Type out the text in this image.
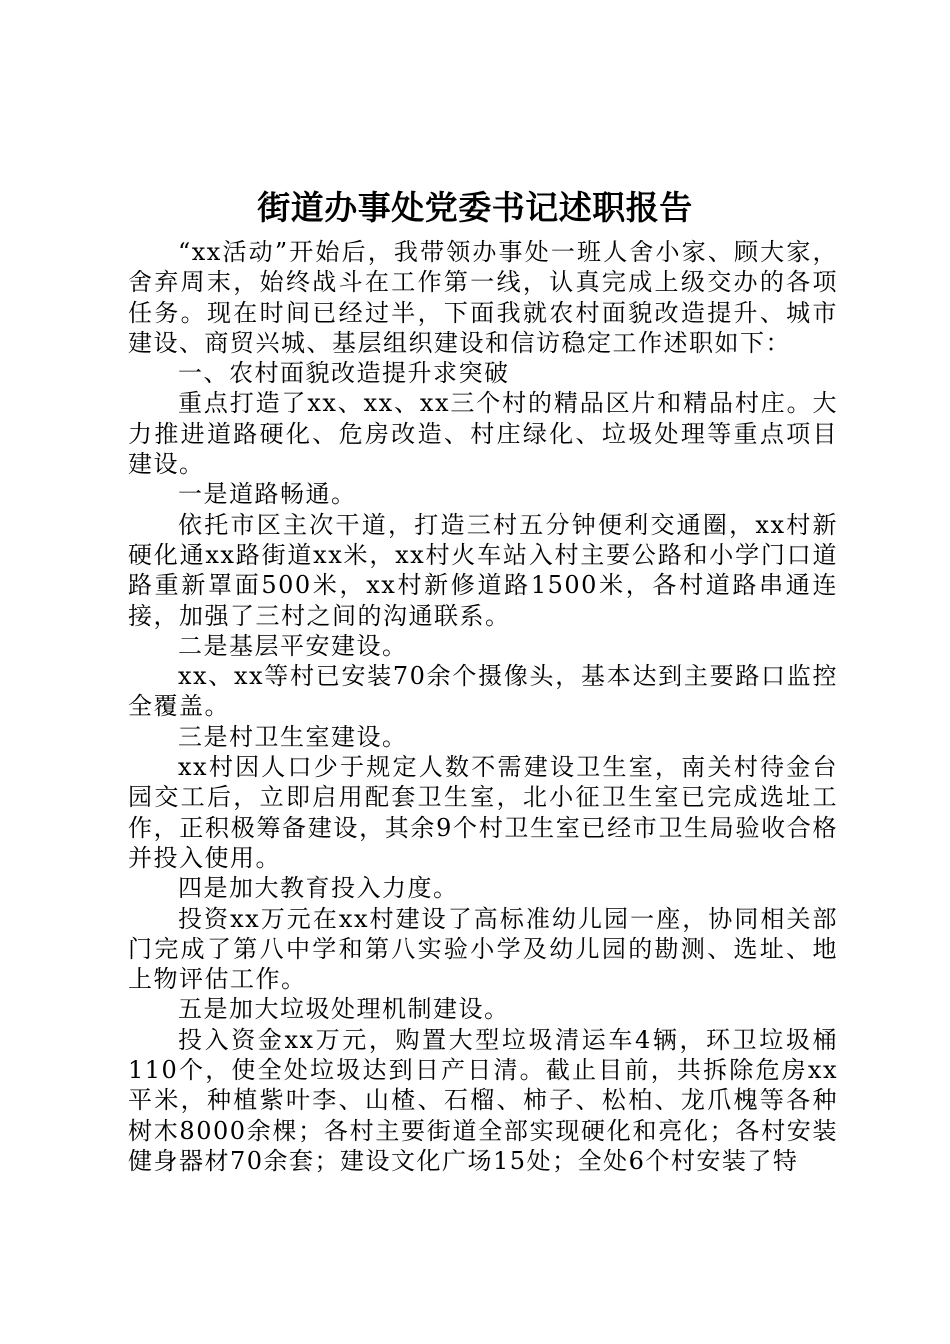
街道办事处党委书记述职报告

“xx活动”开始后，我带领办事处一班人舍小家、顾大家，舍弃周末，始终战斗在工作第一线，认真完成上级交办的各项任务。现在时间已经过半，下面我就农村面貌改造提升、城市建设、商贸兴城、基层组织建设和信访稳定工作述职如下：

一、农村面貌改造提升求突破

重点打造了xx、xx、xx三个村的精品区片和精品村庄。大力推进道路硬化、危房改造、村庄绿化、垃圾处理等重点项目建设。

一是道路畅通。

依托市区主次干道，打造三村五分钟便利交通圈，xx村新硬化通xx路街道xx米，xx村火车站入村主要公路和小学门口道路重新罩面500米，xx村新修道路1500米，各村道路串通连接，加强了三村之间的沟通联系。

二是基层平安建设。

xx、xx等村已安装70余个摄像头，基本达到主要路口监控全覆盖。

三是村卫生室建设。

xx村因人口少于规定人数不需建设卫生室，南关村待金台园交工后，立即启用配套卫生室，北小征卫生室已完成选址工作，正积极筹备建设，其余9个村卫生室已经市卫生局验收合格并投入使用。

四是加大教育投入力度。

投资xx万元在xx村建设了高标准幼儿园一座，协同相关部门完成了第八中学和第八实验小学及幼儿园的勘测、选址、地上物评估工作。

五是加大垃圾处理机制建设。

投入资金xx万元，购置大型垃圾清运车4辆，环卫垃圾桶110个，使全处垃圾达到日产日清。截止目前，共拆除危房xx平米，种植紫叶李、山楂、石榴、柿子、松柏、龙爪槐等各种树木8000余棵；各村主要街道全部实现硬化和亮化；各村安装健身器材70余套；建设文化广场15处；全处6个村安装了特
